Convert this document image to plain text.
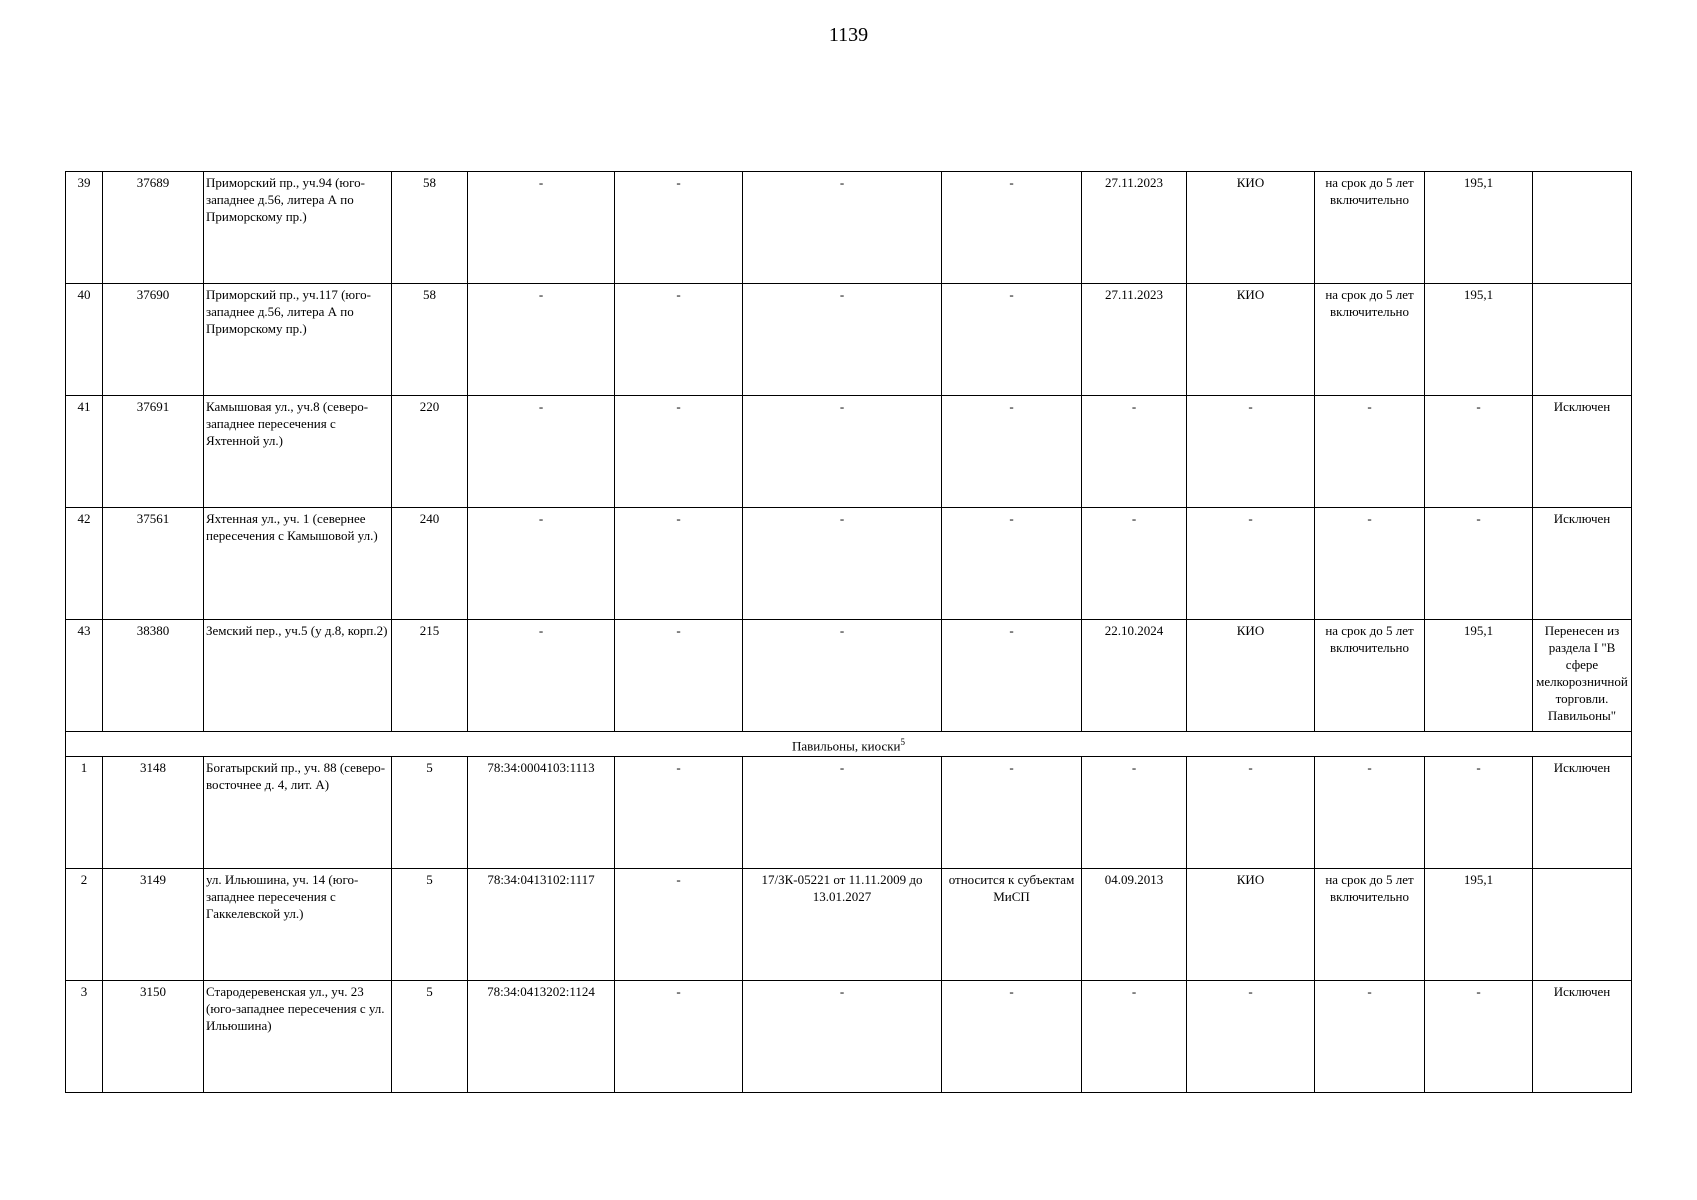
1139
39	37689	Приморский пр., уч.94 (юго-западнее д.56, литера А по Приморскому пр.)	58	-	-	-	-	27.11.2023	КИО	на срок до 5 лет включительно	195,1	
40	37690	Приморский пр., уч.117 (юго-западнее д.56, литера А по Приморскому пр.)	58	-	-	-	-	27.11.2023	КИО	на срок до 5 лет включительно	195,1	
41	37691	Камышовая ул., уч.8 (северо-западнее пересечения с Яхтенной ул.)	220	-	-	-	-	-	-	-	-	Исключен
42	37561	Яхтенная ул., уч. 1 (севернее пересечения с Камышовой ул.)	240	-	-	-	-	-	-	-	-	Исключен
43	38380	Земский пер., уч.5 (у д.8, корп.2)	215	-	-	-	-	22.10.2024	КИО	на срок до 5 лет включительно	195,1	Перенесен из раздела I "В сфере мелкорозничной торговли. Павильоны"
Павильоны, киоски$^5$
1	3148	Богатырский пр., уч. 88 (северо-восточнее д. 4, лит. А)	5	78:34:0004103:1113	-	-	-	-	-	-	-	Исключен
2	3149	ул. Ильюшина, уч. 14 (юго-западнее пересечения с Гаккелевской ул.)	5	78:34:0413102:1117	-	17/ЗК-05221 от 11.11.2009 до 13.01.2027	относится к субъектам МиСП	04.09.2013	КИО	на срок до 5 лет включительно	195,1	
3	3150	Стародеревенская ул., уч. 23 (юго-западнее пересечения с ул. Ильюшина)	5	78:34:0413202:1124	-	-	-	-	-	-	-	Исключен
